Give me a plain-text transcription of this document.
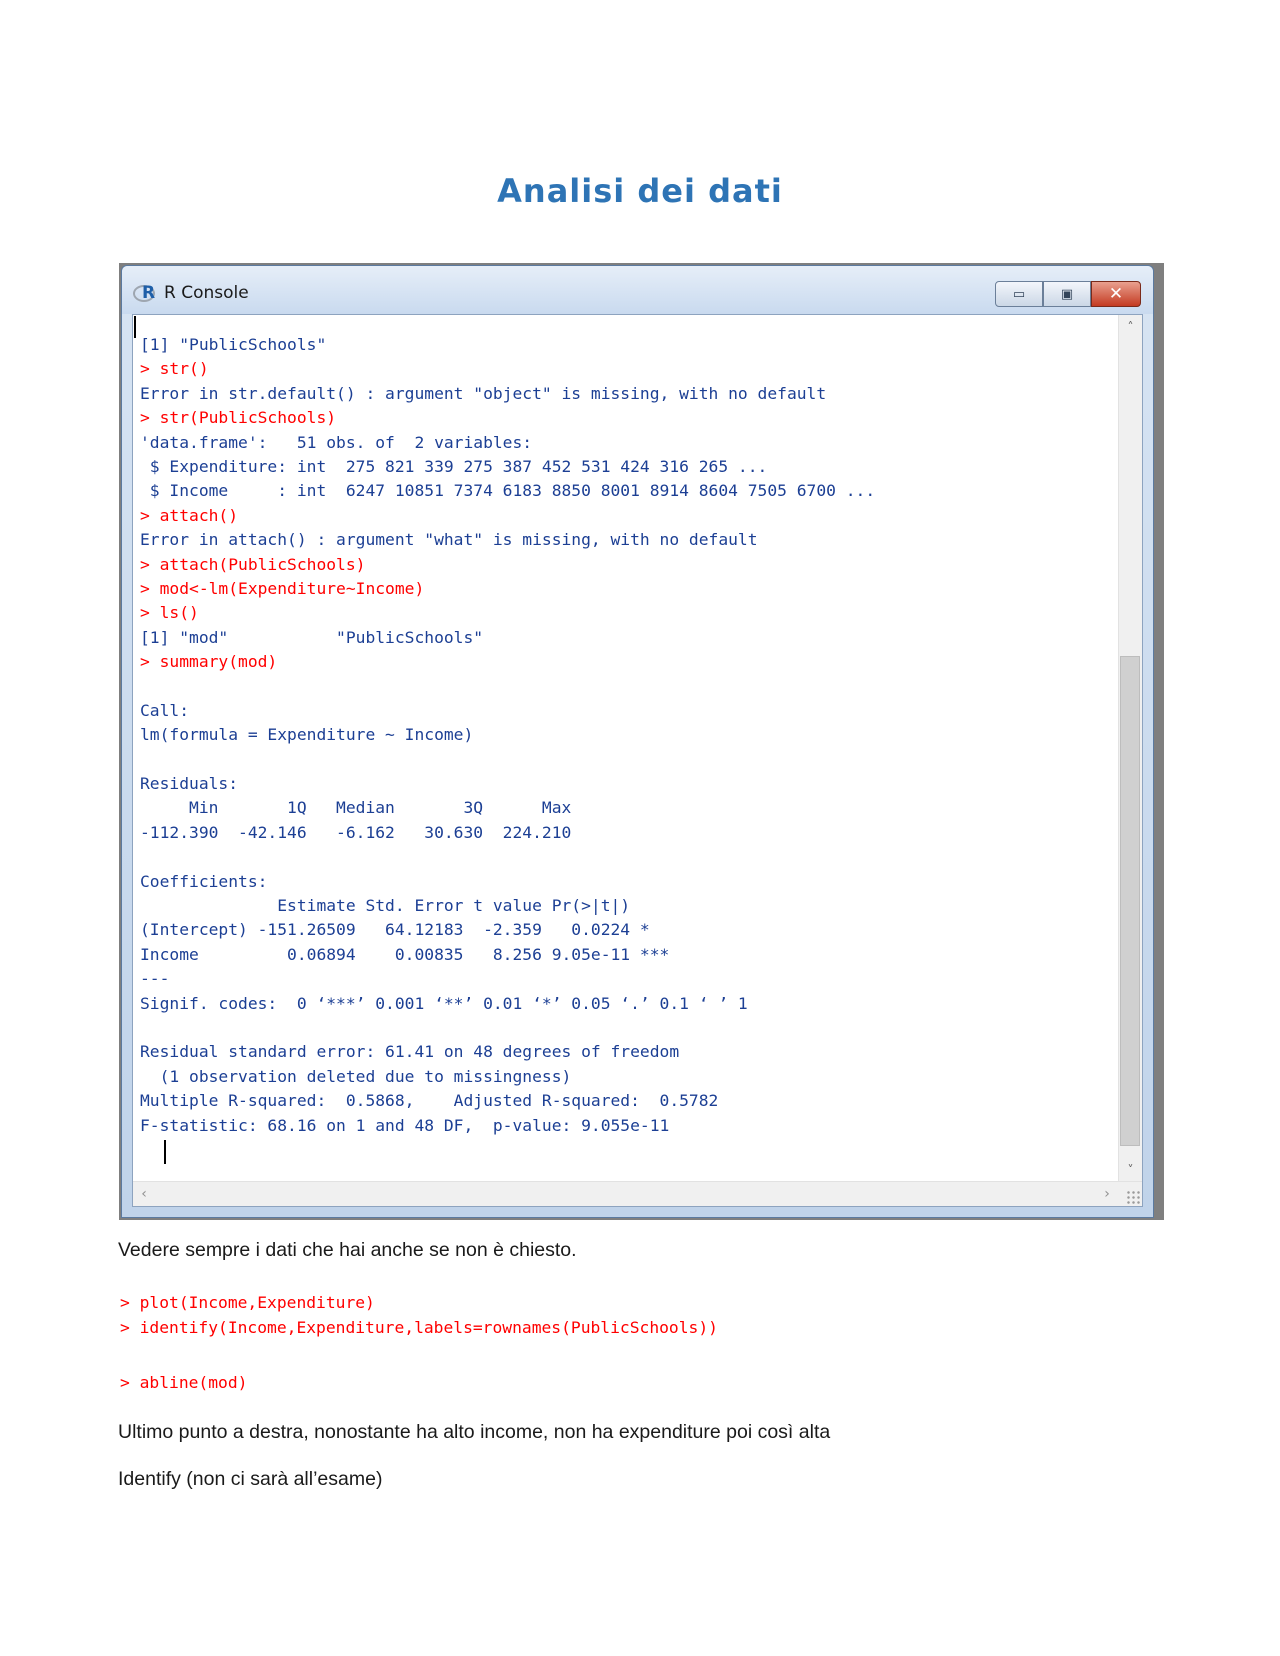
Analisi dei dati
R R Console	▭	▣	✕
[1] "PublicSchools"
> str()
Error in str.default() : argument "object" is missing, with no default
> str(PublicSchools)
'data.frame':   51 obs. of  2 variables:
$ Expenditure: int  275 821 339 275 387 452 531 424 316 265 ...
$ Income     : int  6247 10851 7374 6183 8850 8001 8914 8604 7505 6700 ...
> attach()
Error in attach() : argument "what" is missing, with no default
> attach(PublicSchools)
> mod<-lm(Expenditure~Income)
> ls()
[1] "mod"           "PublicSchools"
> summary(mod)
Call:
lm(formula = Expenditure ~ Income)
Residuals:
Min       1Q   Median       3Q      Max
-112.390  -42.146   -6.162   30.630  224.210
Coefficients:
Estimate Std. Error t value Pr(>|t|)
(Intercept) -151.26509   64.12183  -2.359   0.0224 *
Income         0.06894    0.00835   8.256 9.05e-11 ***
---
Signif. codes:  0 ‘***’ 0.001 ‘**’ 0.01 ‘*’ 0.05 ‘.’ 0.1 ‘ ’ 1
Residual standard error: 61.41 on 48 degrees of freedom
(1 observation deleted due to missingness)
Multiple R-squared:  0.5868,    Adjusted R-squared:  0.5782
F-statistic: 68.16 on 1 and 48 DF,  p-value: 9.055e-11
˄
˅
‹	›

Vedere sempre i dati che hai anche se non è chiesto.

> plot(Income,Expenditure)

> identify(Income,Expenditure,labels=rownames(PublicSchools))

> abline(mod)

Ultimo punto a destra, nonostante ha alto income, non ha expenditure poi così alta

Identify (non ci sarà all’esame)
